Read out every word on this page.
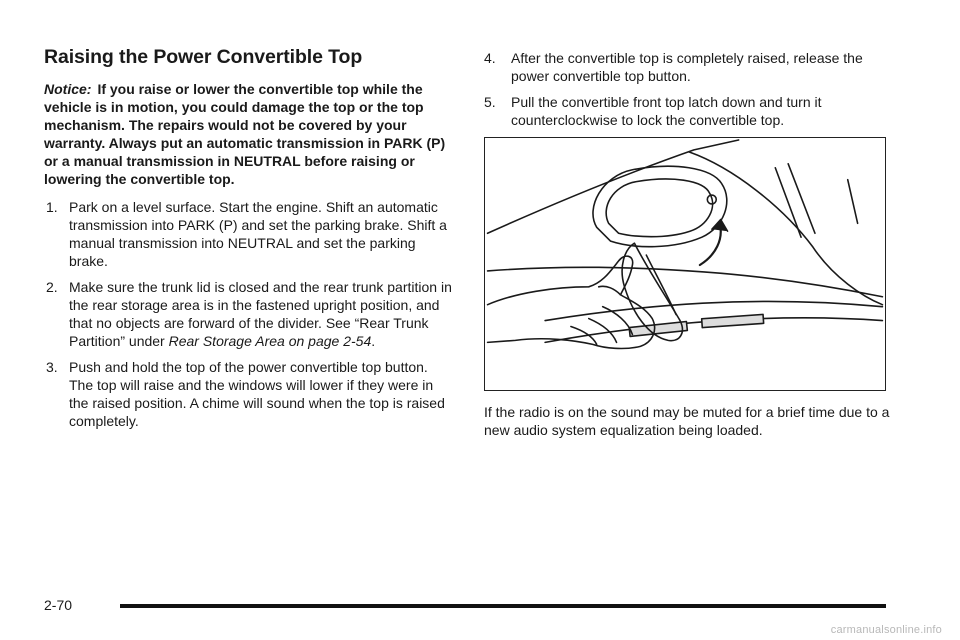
Raising the Power Convertible Top

Notice: If you raise or lower the convertible top while the vehicle is in motion, you could damage the top or the top mechanism. The repairs would not be covered by your warranty. Always put an automatic transmission in PARK (P) or a manual transmission in NEUTRAL before raising or lowering the convertible top.

1. Park on a level surface. Start the engine. Shift an automatic transmission into PARK (P) and set the parking brake. Shift a manual transmission into NEUTRAL and set the parking brake.
2. Make sure the trunk lid is closed and the rear trunk partition in the rear storage area is in the fastened upright position, and that no objects are forward of the divider. See “Rear Trunk Partition” under Rear Storage Area on page 2-54.
3. Push and hold the top of the power convertible top button. The top will raise and the windows will lower if they were in the raised position. A chime will sound when the top is raised completely.
4. After the convertible top is completely raised, release the power convertible top button.
5. Pull the convertible front top latch down and turn it counterclockwise to lock the convertible top.

If the radio is on the sound may be muted for a brief time due to a new audio system equalization being loaded.

2-70
carmanualsonline.info
